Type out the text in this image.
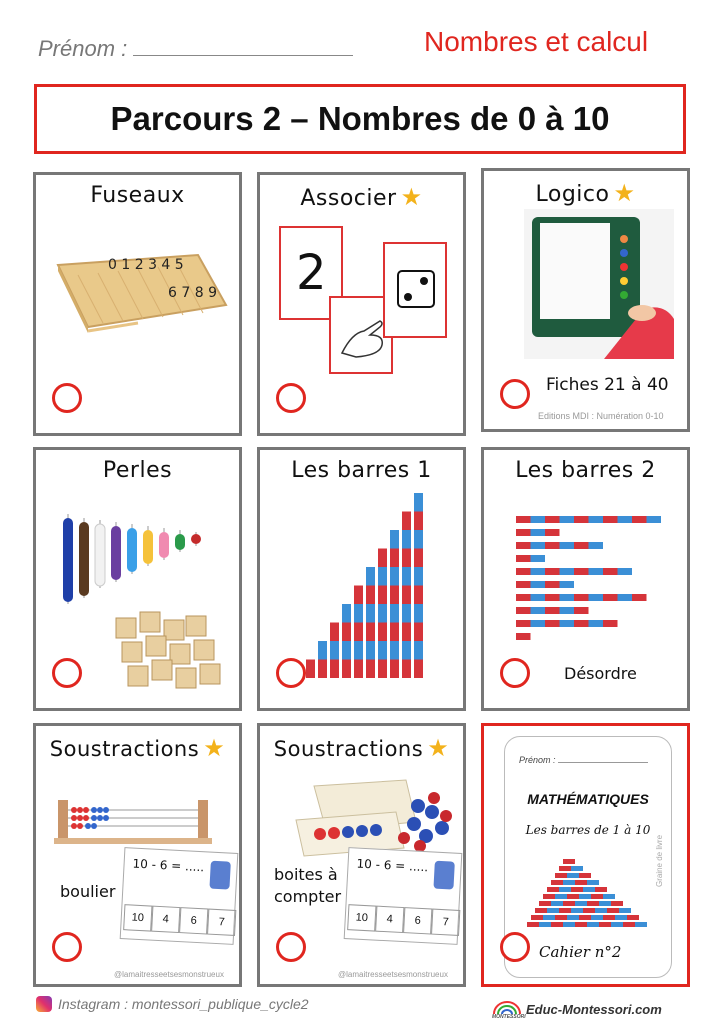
Prénom :	Nombres et calcul
Parcours 2 – Nombres de 0 à 10
Fuseaux
0 1 2 3 4 5
6 7 8 9
Associer ★
2
Logico ★
Fiches 21 à 40
Editions MDI : Numération 0-10
Perles	Les barres 1	Les barres 2
Désordre
Soustractions ★
boulier
10 - 6 = .....
10	4	6	7
@lamaitresseetsesmonstrueux
Soustractions ★
boites à compter
10 - 6 = .....
10	4	6	7
@lamaitresseetsesmonstrueux
Prénom :
MATHÉMATIQUES
Les barres de 1 à 10
Cahier n°2
Graine de livre
Instagram : montessori_publique_cycle2
MONTESSORI Educ-Montessori.com
